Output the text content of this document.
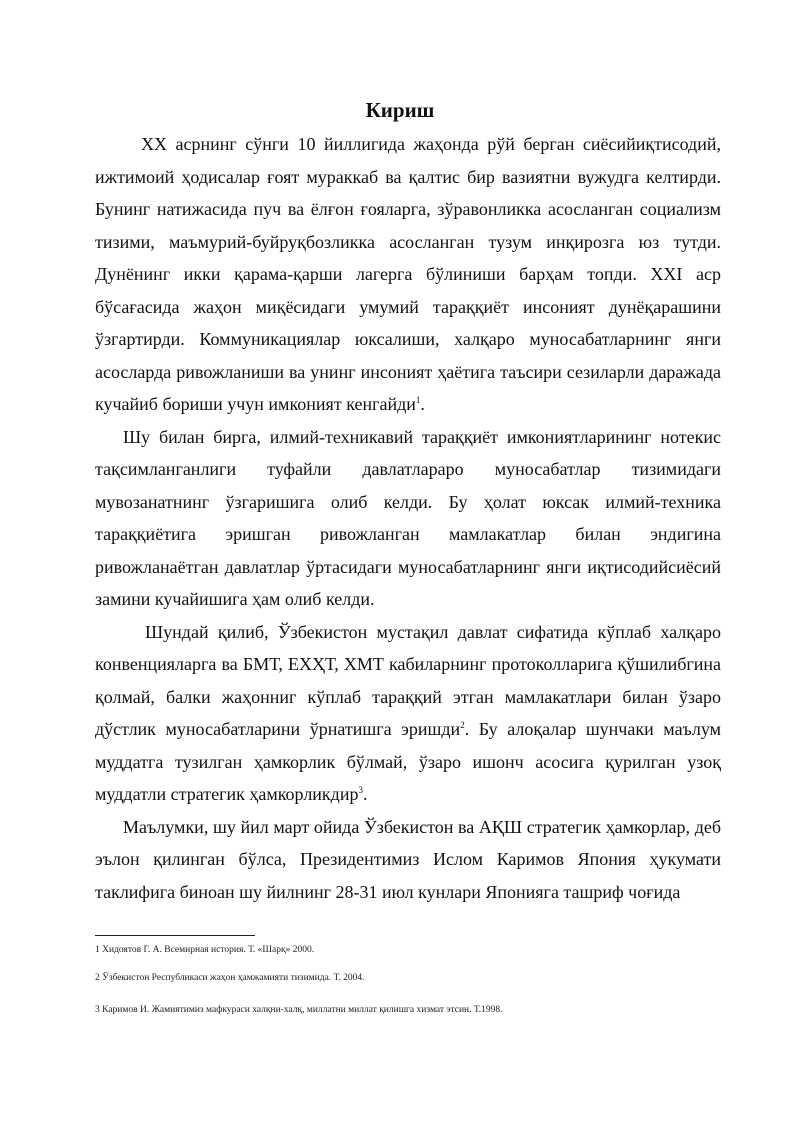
Кириш

ХХ асрнинг сўнги 10 йиллигида жаҳонда рўй берган сиёсийиқтисодий, ижтимоий ҳодисалар ғоят мураккаб ва қалтис бир вазиятни вужудга келтирди. Бунинг натижасида пуч ва ёлғон ғояларга, зўравонликка асосланган социализм тизими, маъмурий-буйруқбозликка асосланган тузум инқирозга юз тутди. Дунёнинг икки қарама-қарши лагерга бўлиниши барҳам топди. XXI аср бўсағасида жаҳон миқёсидаги умумий тараққиёт инсоният дунёқарашини ўзгартирди. Коммуникациялар юксалиши, халқаро муносабатларнинг янги асосларда ривожланиши ва унинг инсоният ҳаётига таъсири сезиларли даражада кучайиб бориши учун имконият кенгайди$^1$.

Шу билан бирга, илмий-техникавий тараққиёт имкониятларининг нотекис тақсимланганлиги туфайли давлатлараро муносабатлар тизимидаги мувозанатнинг ўзгаришига олиб келди. Бу ҳолат юксак илмий-техника тараққиётига эришган ривожланган мамлакатлар билан эндигина ривожланаётган давлатлар ўртасидаги муносабатларнинг янги иқтисодийсиёсий замини кучайишига ҳам олиб келди.

Шундай қилиб, Ўзбекистон мустақил давлат сифатида кўплаб халқаро конвенцияларга ва БМТ, ЕХҲТ, ХМТ кабиларнинг протоколларига қўшилибгина қолмай, балки жаҳонниг кўплаб тараққий этган мамлакатлари билан ўзаро дўстлик муносабатларини ўрнатишга эришди$^2$. Бу алоқалар шунчаки маълум муддатга тузилган ҳамкорлик бўлмай, ўзаро ишонч асосига қурилган узоқ муддатли стратегик ҳамкорликдир$^3$.

Маълумки, шу йил март ойида Ўзбекистон ва АҚШ стратегик ҳамкорлар, деб эълон қилинган бўлса, Президентимиз Ислом Каримов Япония ҳукумати таклифига биноан шу йилнинг 28-31 июл кунлари Японияга ташриф чоғида

1 Хидоятов Г. А. Всемирная история. Т. «Шарқ» 2000.

2 Ўзбекистон Республикаси жаҳон ҳамжамияти тизимида. Т. 2004.

3 Каримов И. Жамиятимиз мафкураси халқни-халқ, миллатни миллат қилишга хизмат этсин. Т.1998.
